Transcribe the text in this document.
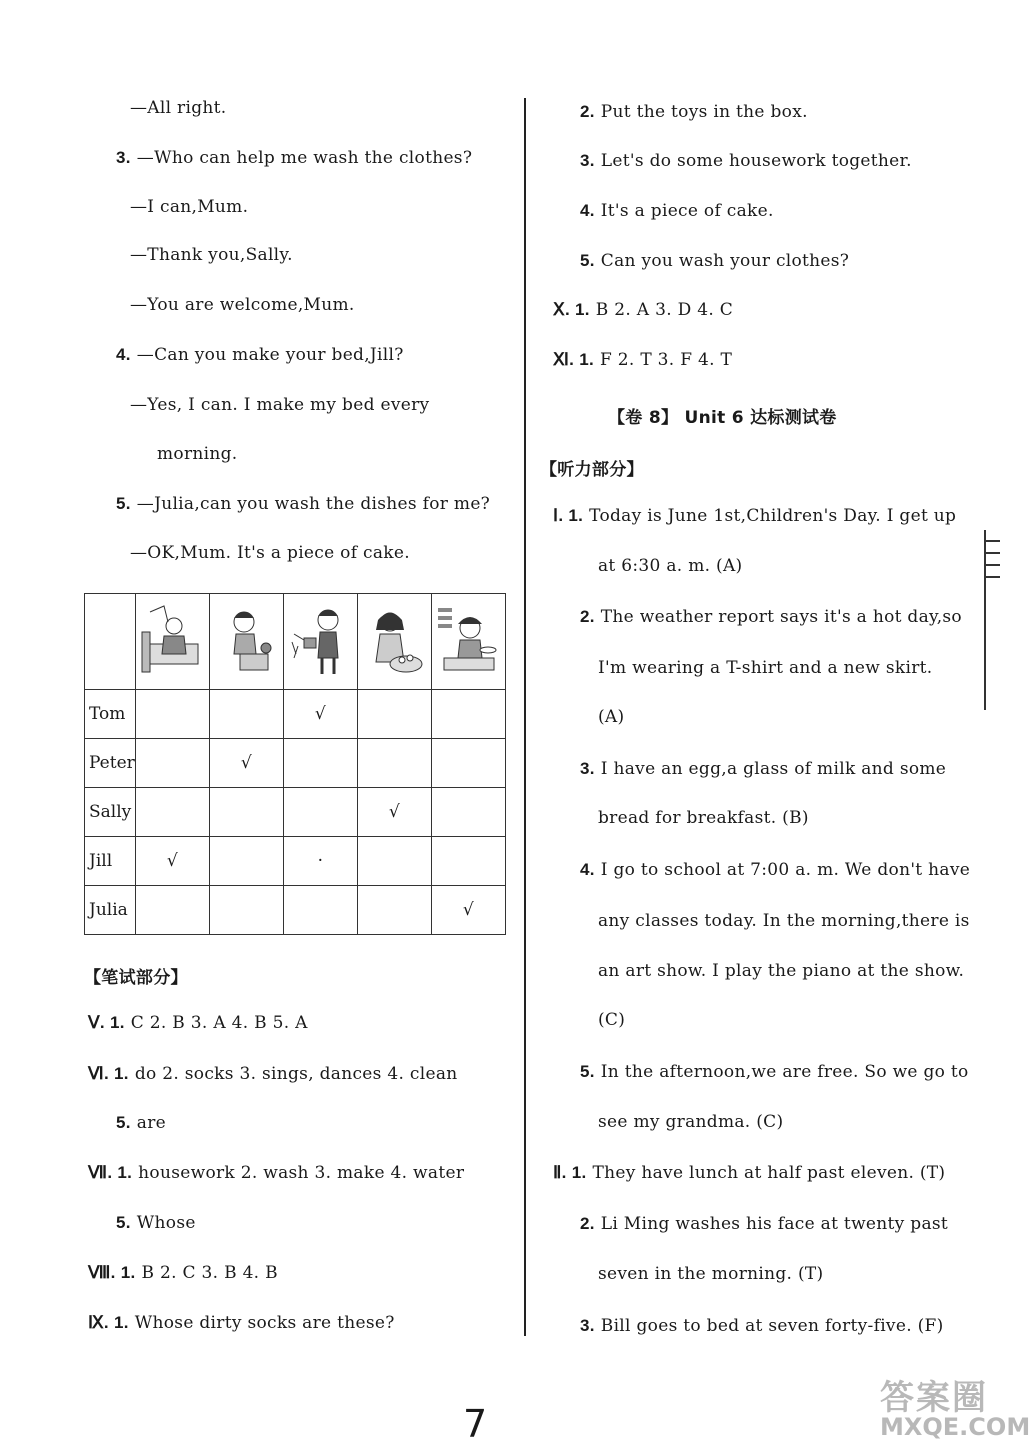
—All right.
3. —Who can help me wash the clothes?
—I can,Mum.
—Thank you,Sally.
—You are welcome,Mum.
4. —Can you make your bed,Jill?
—Yes, I can. I make my bed every
morning.
5. —Julia,can you wash the dishes for me?
—OK,Mum. It's a piece of cake.

Tom			√		
Peter		√			
Sally				√	
Jill	√		·		
Julia					√
【笔试部分】
Ⅴ. 1. C 2. B 3. A 4. B 5. A
Ⅵ. 1. do 2. socks 3. sings, dances 4. clean
5. are
Ⅶ. 1. housework 2. wash 3. make 4. water
5. Whose
Ⅷ. 1. B 2. C 3. B 4. B
Ⅸ. 1. Whose dirty socks are these?
2. Put the toys in the box.
3. Let's do some housework together.
4. It's a piece of cake.
5. Can you wash your clothes?
Ⅹ. 1. B 2. A 3. D 4. C
Ⅺ. 1. F 2. T 3. F 4. T
【卷 8】 Unit 6 达标测试卷
【听力部分】
Ⅰ. 1. Today is June 1st,Children's Day. I get up
at 6:30 a. m. (A)
2. The weather report says it's a hot day,so
I'm wearing a T-shirt and a new skirt.
(A)
3. I have an egg,a glass of milk and some
bread for breakfast. (B)
4. I go to school at 7:00 a. m. We don't have
any classes today. In the morning,there is
an art show. I play the piano at the show.
(C)
5. In the afternoon,we are free. So we go to
see my grandma. (C)
Ⅱ. 1. They have lunch at half past eleven. (T)
2. Li Ming washes his face at twenty past
seven in the morning. (T)
3. Bill goes to bed at seven forty-five. (F)
7
答案圈
MXQE.COM
